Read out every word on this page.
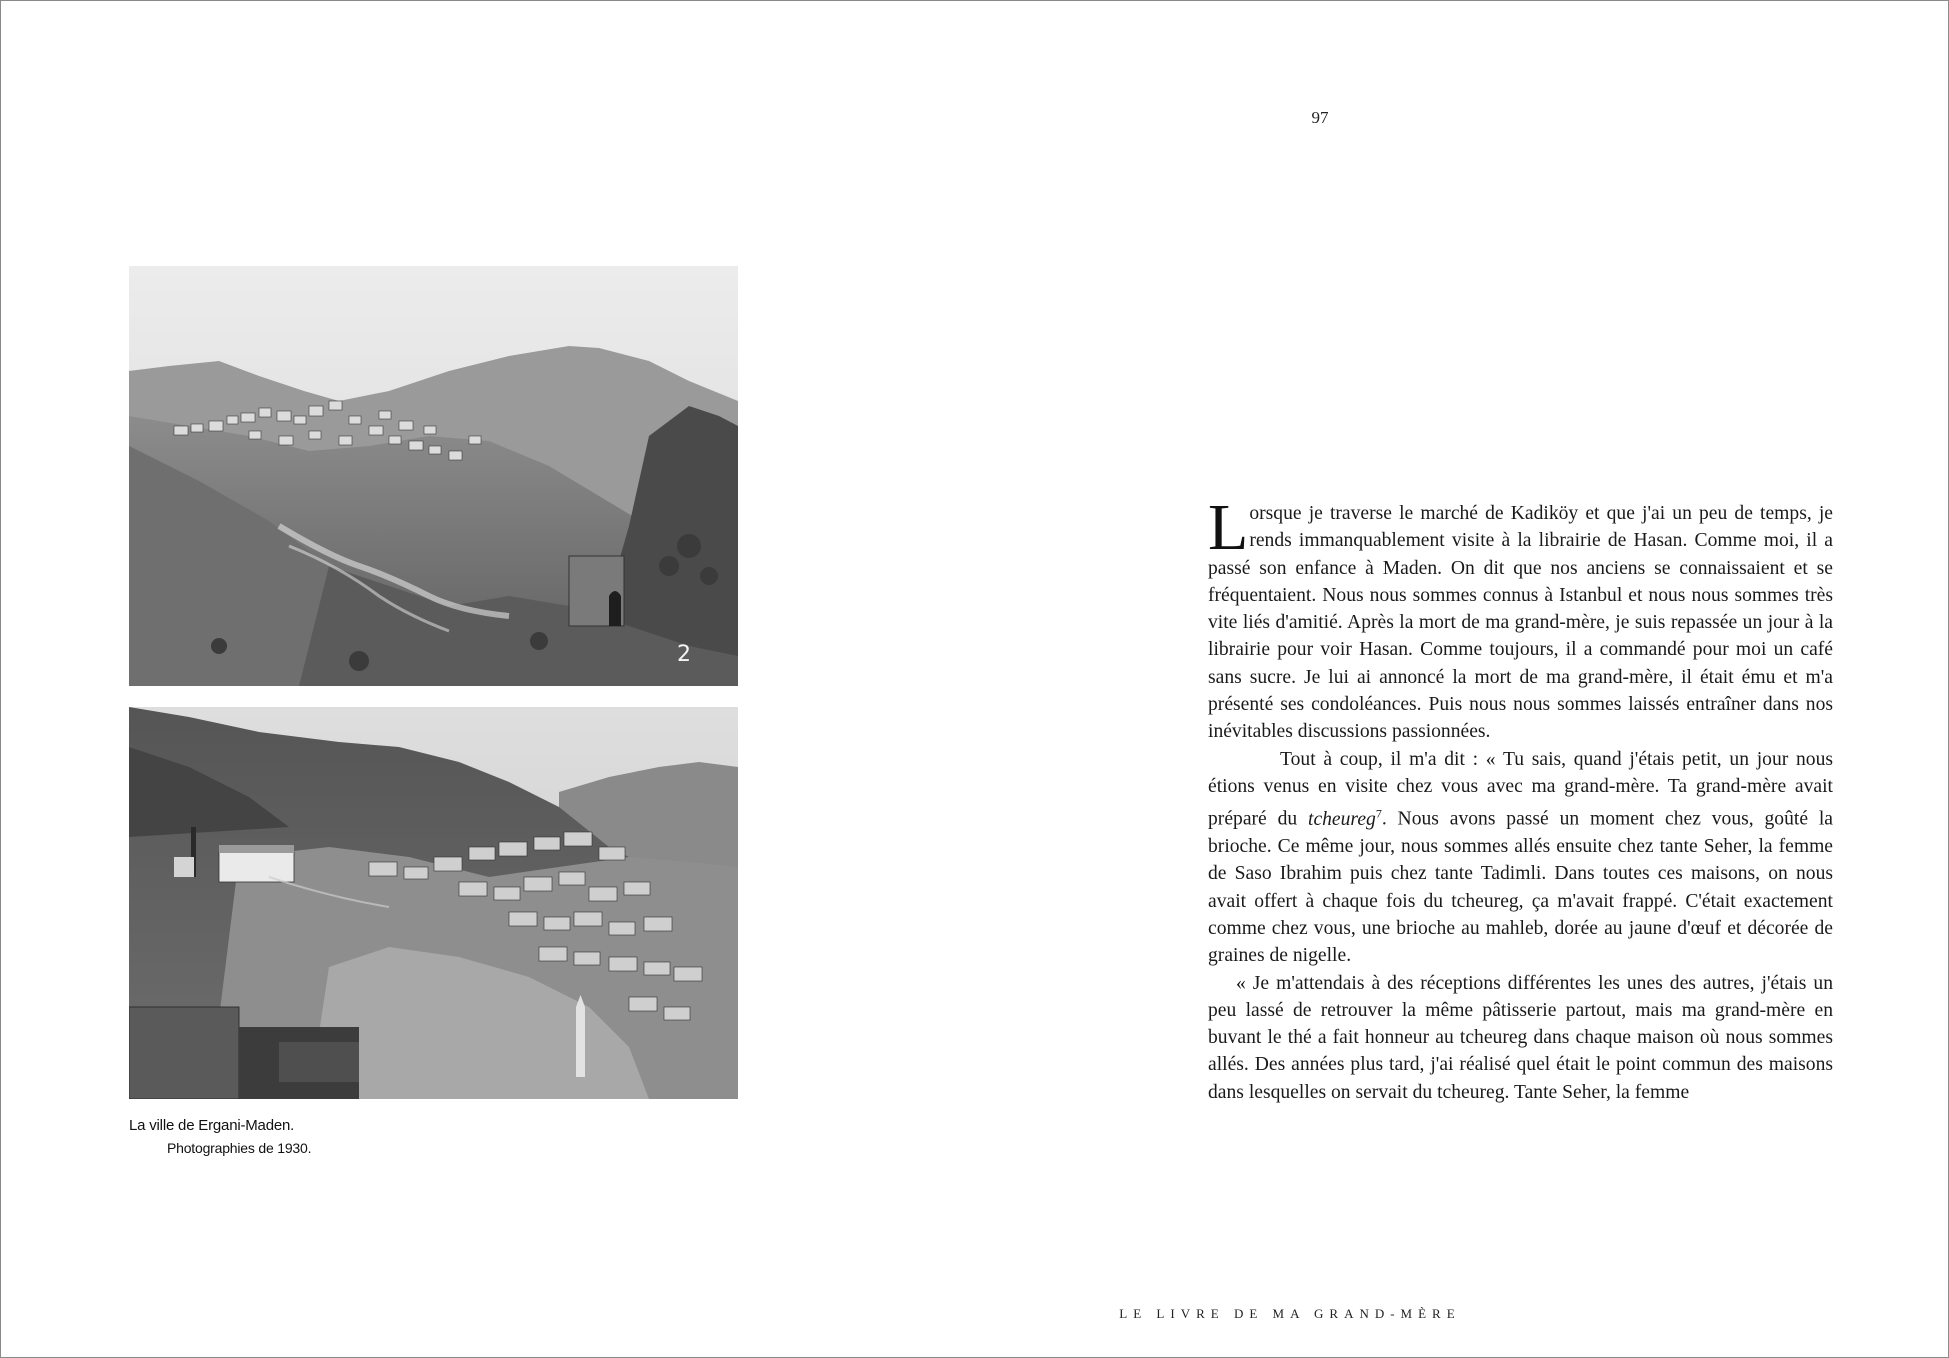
2
La ville de Ergani-Maden.
Photographies de 1930.
97

Lorsque je traverse le marché de Kadiköy et que j'ai un peu de temps, je rends immanquablement visite à la librairie de Hasan. Comme moi, il a passé son enfance à Maden. On dit que nos anciens se connaissaient et se fréquentaient. Nous nous sommes connus à Istanbul et nous nous sommes très vite liés d'amitié. Après la mort de ma grand-mère, je suis repassée un jour à la librairie pour voir Hasan. Comme toujours, il a commandé pour moi un café sans sucre. Je lui ai annoncé la mort de ma grand-mère, il était ému et m'a présenté ses condoléances. Puis nous nous sommes laissés entraîner dans nos inévitables discussions passionnées.

Tout à coup, il m'a dit : « Tu sais, quand j'étais petit, un jour nous étions venus en visite chez vous avec ma grand-mère. Ta grand-mère avait préparé du tcheureg$^7$. Nous avons passé un moment chez vous, goûté la brioche. Ce même jour, nous sommes allés ensuite chez tante Seher, la femme de Saso Ibrahim puis chez tante Tadimli. Dans toutes ces maisons, on nous avait offert à chaque fois du tcheureg, ça m'avait frappé. C'était exactement comme chez vous, une brioche au mahleb, dorée au jaune d'œuf et décorée de graines de nigelle.

« Je m'attendais à des réceptions différentes les unes des autres, j'étais un peu lassé de retrouver la même pâtisserie partout, mais ma grand-mère en buvant le thé a fait honneur au tcheureg dans chaque maison où nous sommes allés. Des années plus tard, j'ai réalisé quel était le point commun des maisons dans lesquelles on servait du tcheureg. Tante Seher, la femme

LE LIVRE DE MA GRAND-MÈRE
